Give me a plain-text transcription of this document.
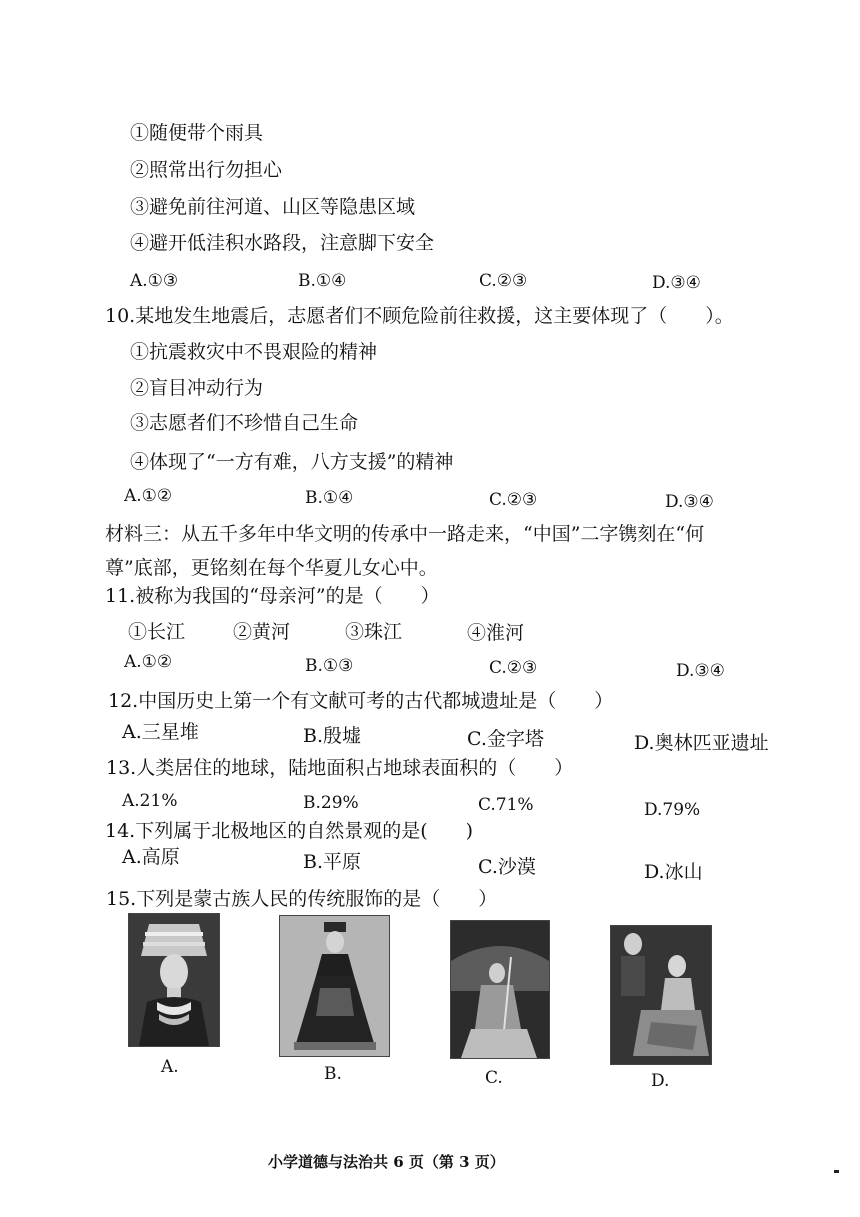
①随便带个雨具
②照常出行勿担心
③避免前往河道、山区等隐患区域
④避开低洼积水路段，注意脚下安全
A.①③	B.①④	C.②③	D.③④
10.某地发生地震后，志愿者们不顾危险前往救援，这主要体现了（　　）。
①抗震救灾中不畏艰险的精神
②盲目冲动行为
③志愿者们不珍惜自己生命
④体现了“一方有难，八方支援”的精神
A.①②	B.①④	C.②③	D.③④
材料三：从五千多年中华文明的传承中一路走来，“中国”二字镌刻在“何
尊”底部，更铭刻在每个华夏儿女心中。
11.被称为我国的“母亲河”的是（　　）
①长江	②黄河	③珠江	④淮河
A.①②	B.①③	C.②③	D.③④
12.中国历史上第一个有文献可考的古代都城遗址是（　　）
A.三星堆	B.殷墟	C.金字塔	D.奥林匹亚遗址
13.人类居住的地球，陆地面积占地球表面积的（　　）
A.21%	B.29%	C.71%	D.79%
14.下列属于北极地区的自然景观的是(　　)
A.高原	B.平原	C.沙漠	D.冰山
15.下列是蒙古族人民的传统服饰的是（　　）
A.	B.	C.	D.
小学道德与法治共 6 页（第 3 页）
